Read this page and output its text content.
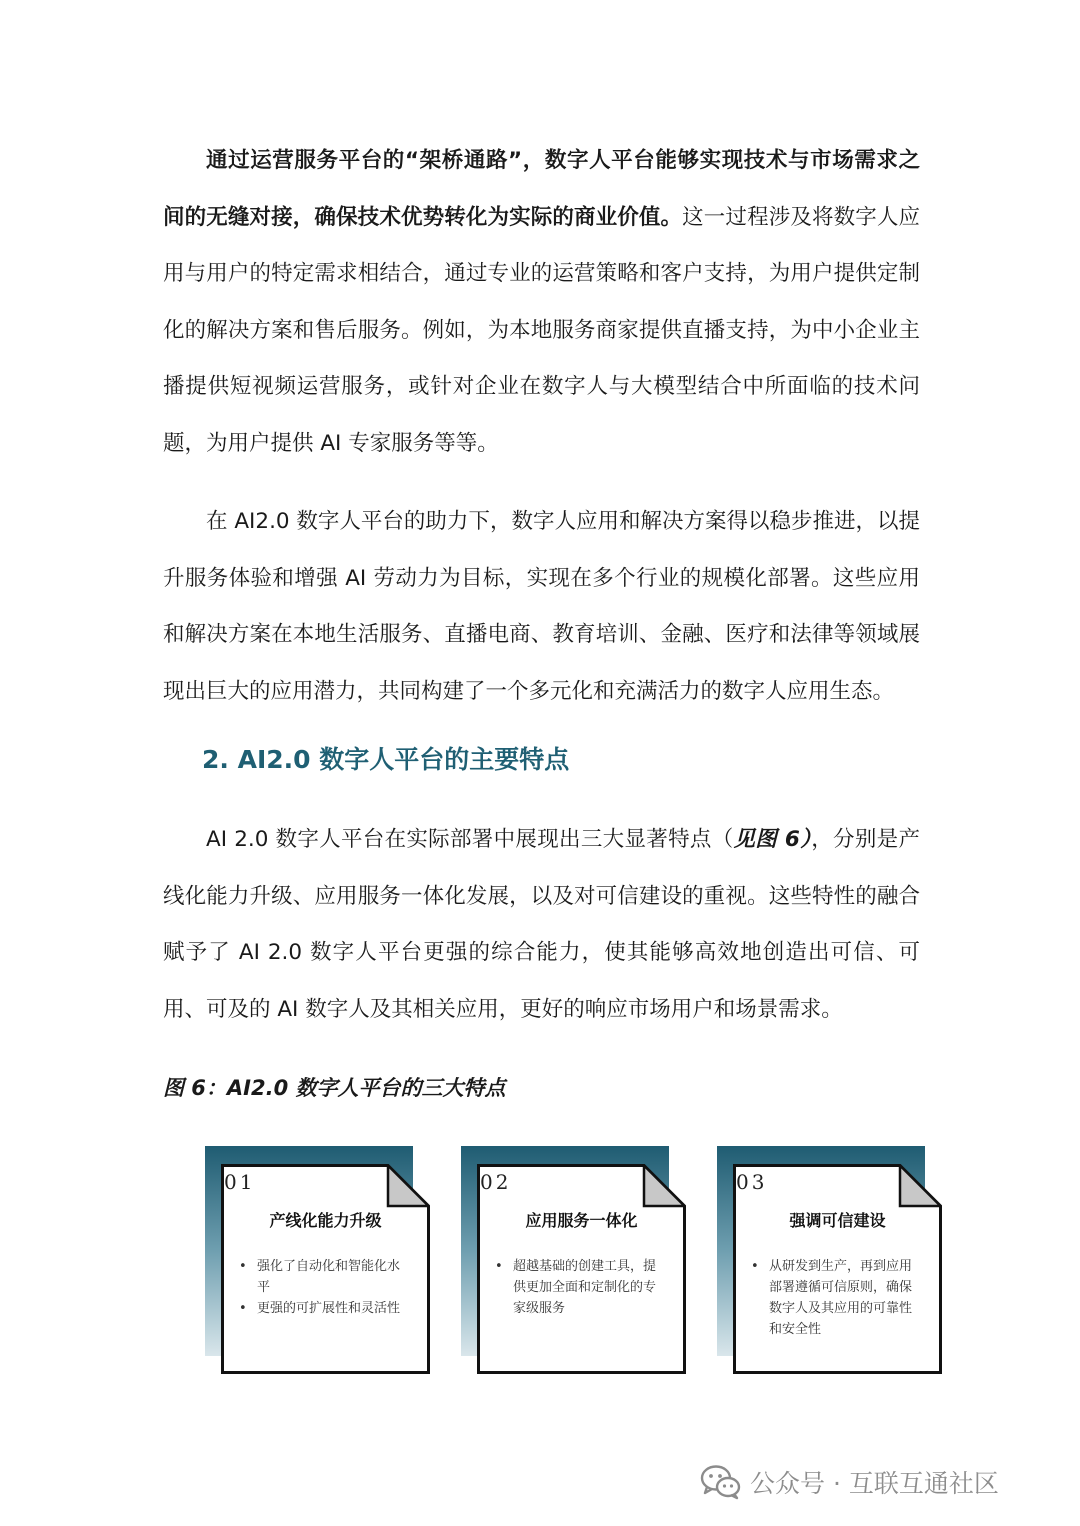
通过运营服务平台的“架桥通路”，数字人平台能够实现技术与市场需求之间的无缝对接，确保技术优势转化为实际的商业价值。这一过程涉及将数字人应用与用户的特定需求相结合，通过专业的运营策略和客户支持，为用户提供定制化的解决方案和售后服务。例如，为本地服务商家提供直播支持，为中小企业主播提供短视频运营服务，或针对企业在数字人与大模型结合中所面临的技术问题，为用户提供 AI 专家服务等等。

在 AI2.0 数字人平台的助力下，数字人应用和解决方案得以稳步推进，以提升服务体验和增强 AI 劳动力为目标，实现在多个行业的规模化部署。这些应用和解决方案在本地生活服务、直播电商、教育培训、金融、医疗和法律等领域展现出巨大的应用潜力，共同构建了一个多元化和充满活力的数字人应用生态。

2. AI2.0 数字人平台的主要特点

AI 2.0 数字人平台在实际部署中展现出三大显著特点（见图 6），分别是产线化能力升级、应用服务一体化发展，以及对可信建设的重视。这些特性的融合赋予了 AI 2.0 数字人平台更强的综合能力，使其能够高效地创造出可信、可用、可及的 AI 数字人及其相关应用，更好的响应市场用户和场景需求。

图 6：AI2.0 数字人平台的三大特点

01
产线化能力升级
• 强化了自动化和智能化水平
• 更强的可扩展性和灵活性
02
应用服务一体化
• 超越基础的创建工具，提供更加全面和定制化的专家级服务
03
强调可信建设
• 从研发到生产，再到应用部署遵循可信原则，确保数字人及其应用的可靠性和安全性
公众号 · 互联互通社区
